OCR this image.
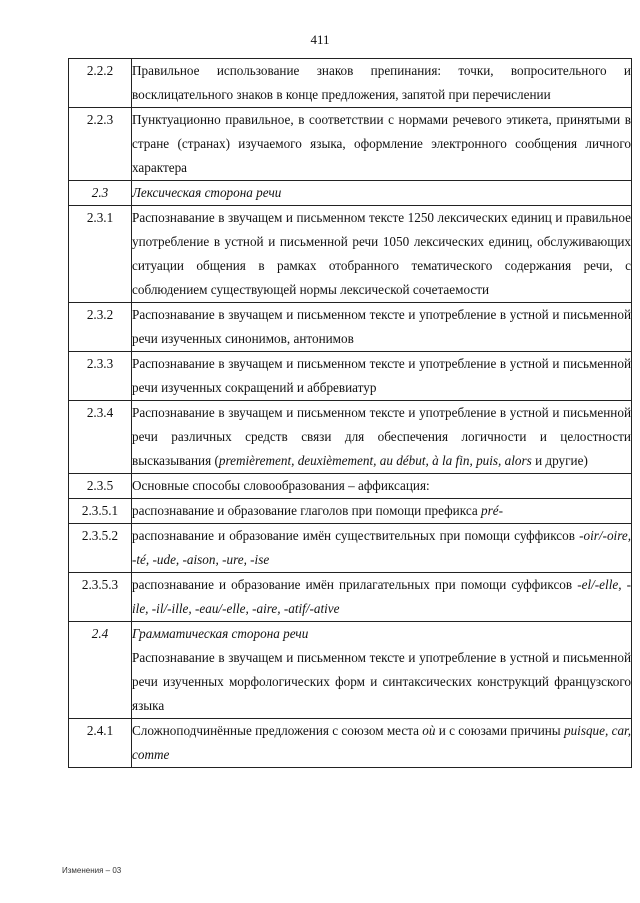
411
2.2.2	Правильное использование знаков препинания: точки, вопросительного и восклицательного знаков в конце предложения, запятой при перечислении

2.2.3	Пунктуационно правильное, в соответствии с нормами речевого этикета, принятыми в стране (странах) изучаемого языка, оформление электронного сообщения личного характера

2.3	Лексическая сторона речи

2.3.1	Распознавание в звучащем и письменном тексте 1250 лексических единиц и правильное употребление в устной и письменной речи 1050 лексических единиц, обслуживающих ситуации общения в рамках отобранного тематического содержания речи, с соблюдением существующей нормы лексической сочетаемости

2.3.2	Распознавание в звучащем и письменном тексте и употребление в устной и письменной речи изученных синонимов, антонимов

2.3.3	Распознавание в звучащем и письменном тексте и употребление в устной и письменной речи изученных сокращений и аббревиатур

2.3.4	Распознавание в звучащем и письменном тексте и употребление в устной и письменной речи различных средств связи для обеспечения логичности и целостности высказывания (premièrement, deuxièmement, au début, à la fin, puis, alors и другие)

2.3.5	Основные способы словообразования – аффиксация:

2.3.5.1	распознавание и образование глаголов при помощи префикса pré-

2.3.5.2	распознавание и образование имён существительных при помощи суффиксов -oir/-oire, -té, -ude, -aison, -ure, -ise

2.3.5.3	распознавание и образование имён прилагательных при помощи суффиксов -el/-elle, -ile, -il/-ille, -eau/-elle, -aire, -atif/-ative

2.4	Грамматическая сторона речи
Распознавание в звучащем и письменном тексте и употребление в устной и письменной речи изученных морфологических форм и синтаксических конструкций французского языка

2.4.1	Сложноподчинённые предложения с союзом места où и с союзами причины puisque, car, comme
Изменения – 03
